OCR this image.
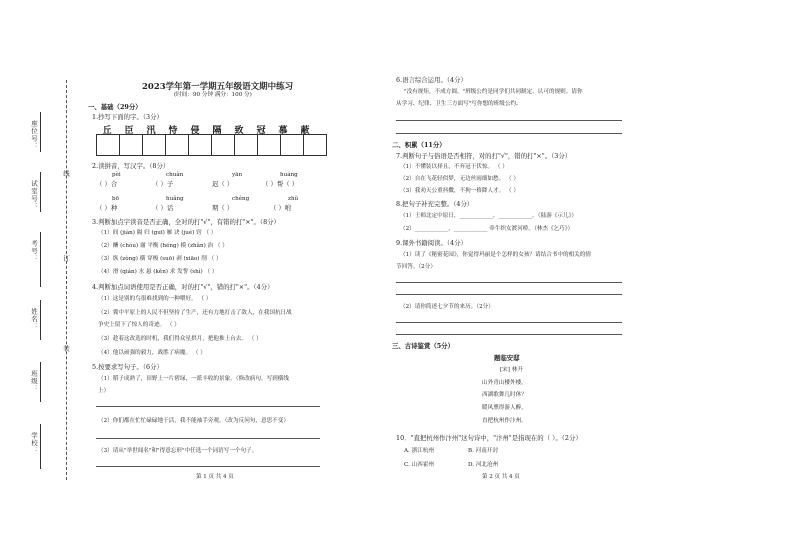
座位号：
试室号：
考号：
姓名：
班级：
学校：
线
订
装
2023学年第一学期五年级语文期中练习
(时间：90 分钟 满分：100 分)
一、基础（29分）
1.抄写下面的字。（3分）
丘	臣	汛	恃	侵	隔	致	冠	慕	蔽
2.读拼音，写汉字。（8分）
pèi	chuàn	yān	huáng
（ ）合	（ ）子	迟（ ）	（ ）帮（ ）
bō	huǎng	chéng	zhǔ
（ ）种	（ ）话	期（ ）	（ ）咐
3.判断加点字读音是否正确，全对的打"√"，有错的打"×"。（8分）
（1）间 (jiàn) 隔 归 (guī) 雁 诀 (jué) 窍 （ ）
（2）酬 (chóu) 谢 平衡 (héng) 模 (zhǎn) 治 （ ）
（3）纵 (zòng) 横 穿梭 (suō) 剥 (xiāo) 削 （ ）
（4）滑 (qián) 水 悬 (kěn) 求 发誓 (shì) （ ）
4.判断加点词语使用是否正确，对的打"√"，错的打"×"。（4分）
（1）这是别的鸟很难找到的一种喂好。 （ ）
（2）冀中平原上的人民不但坚持了生产，还有力地打击了敌人，在我国抗日战
争史上留下了惊人的奇迹。 （ ）
（3）趁着这改选的时机，我们得众星拱月，把他推上台去。 （ ）
（4）他以顽强的毅力，战胜了病魔。 （ ）
5.按要求写句子。（6分）
（1）稻子成熟了，田野上一片碧绿，一派丰收的景象。（修改病句，写到横线
上）
（2）你们都在忙忙碌碌地干活，我不能袖手旁观。（改为反问句，意思不变）
（3）请从"举世闻名"和"得意忘形"中任选一个词语写一个句子。
第 1 页 共 4 页
6.语言综合运用。（4分）
"没有规矩，不成方圆。"班级公约是同学们共同制定、认可的规则。请你
从学习、纪律、卫生三方面写"写你想的班级公约。
二、积累（11分）
7.判断句子与俗语是否相符，对的打"√"，错的打"×"。（3分）
（1）不懂装以择且，不弃冠于伏惊。 （ ）
（2）自在飞花轻似梦，无边丝雨细如愁。 （ ）
（3）我劝天公重抖擞，不拘一格降人才。 （ ）
8.把句子补充完整。（4分）
（1）王师北定中原日，____________，____________。（陆游《示儿》）
（2）____________，____________ 牵牛织女渡河桥。（林杰《乞巧》）
9.课外书籍阅读。（4分）
（1）读了《秘密花园》，你觉得玛丽是个怎样的女孩？请结合书中的相关的情
节回答。（2分）
（2）请你简述七夕节的来历。（2分）
三、古诗鉴赏（5分）
题临安邸
[宋] 林升
山外青山楼外楼，
西湖歌舞几时休？
暖风熏得游人醉，
直把杭州作汴州。
10．"直把杭州作汴州"这句诗中，"汴州"是指现在的（ ）。（2分）
A. 浙江杭州	B. 河南开封
C. 山西霍州	D. 河北沧州
第 2 页 共 4 页
